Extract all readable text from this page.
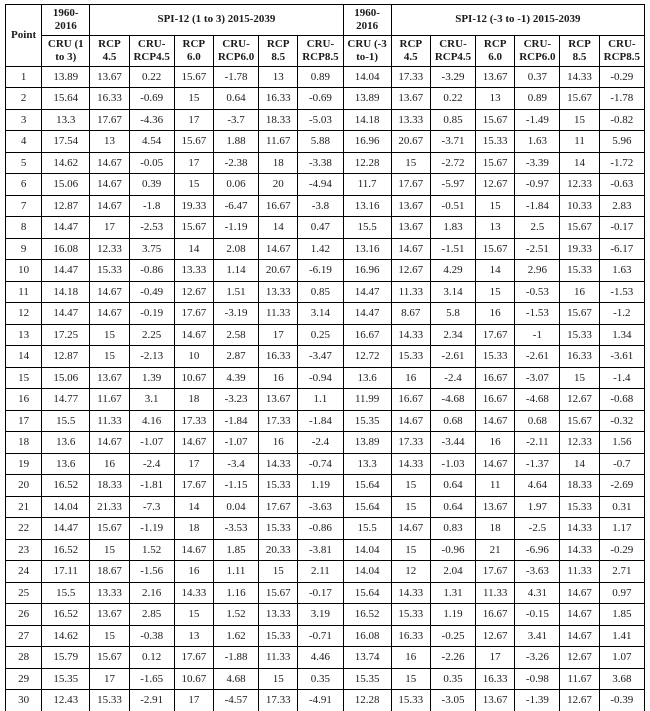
Point	1960-2016	SPI-12 (1 to 3) 2015-2039						1960-2016	SPI-12 (-3 to -1) 2015-2039					
	CRU (1 to 3)	RCP 4.5	CRU-RCP4.5	RCP 6.0	CRU-RCP6.0	RCP 8.5	CRU-RCP8.5	CRU (-3 to-1)	RCP 4.5	CRU-RCP4.5	RCP 6.0	CRU-RCP6.0	RCP 8.5	CRU-RCP8.5
1	13.89	13.67	0.22	15.67	-1.78	13	0.89	14.04	17.33	-3.29	13.67	0.37	14.33	-0.29
2	15.64	16.33	-0.69	15	0.64	16.33	-0.69	13.89	13.67	0.22	13	0.89	15.67	-1.78
3	13.3	17.67	-4.36	17	-3.7	18.33	-5.03	14.18	13.33	0.85	15.67	-1.49	15	-0.82
4	17.54	13	4.54	15.67	1.88	11.67	5.88	16.96	20.67	-3.71	15.33	1.63	11	5.96
5	14.62	14.67	-0.05	17	-2.38	18	-3.38	12.28	15	-2.72	15.67	-3.39	14	-1.72
6	15.06	14.67	0.39	15	0.06	20	-4.94	11.7	17.67	-5.97	12.67	-0.97	12.33	-0.63
7	12.87	14.67	-1.8	19.33	-6.47	16.67	-3.8	13.16	13.67	-0.51	15	-1.84	10.33	2.83
8	14.47	17	-2.53	15.67	-1.19	14	0.47	15.5	13.67	1.83	13	2.5	15.67	-0.17
9	16.08	12.33	3.75	14	2.08	14.67	1.42	13.16	14.67	-1.51	15.67	-2.51	19.33	-6.17
10	14.47	15.33	-0.86	13.33	1.14	20.67	-6.19	16.96	12.67	4.29	14	2.96	15.33	1.63
11	14.18	14.67	-0.49	12.67	1.51	13.33	0.85	14.47	11.33	3.14	15	-0.53	16	-1.53
12	14.47	14.67	-0.19	17.67	-3.19	11.33	3.14	14.47	8.67	5.8	16	-1.53	15.67	-1.2
13	17.25	15	2.25	14.67	2.58	17	0.25	16.67	14.33	2.34	17.67	-1	15.33	1.34
14	12.87	15	-2.13	10	2.87	16.33	-3.47	12.72	15.33	-2.61	15.33	-2.61	16.33	-3.61
15	15.06	13.67	1.39	10.67	4.39	16	-0.94	13.6	16	-2.4	16.67	-3.07	15	-1.4
16	14.77	11.67	3.1	18	-3.23	13.67	1.1	11.99	16.67	-4.68	16.67	-4.68	12.67	-0.68
17	15.5	11.33	4.16	17.33	-1.84	17.33	-1.84	15.35	14.67	0.68	14.67	0.68	15.67	-0.32
18	13.6	14.67	-1.07	14.67	-1.07	16	-2.4	13.89	17.33	-3.44	16	-2.11	12.33	1.56
19	13.6	16	-2.4	17	-3.4	14.33	-0.74	13.3	14.33	-1.03	14.67	-1.37	14	-0.7
20	16.52	18.33	-1.81	17.67	-1.15	15.33	1.19	15.64	15	0.64	11	4.64	18.33	-2.69
21	14.04	21.33	-7.3	14	0.04	17.67	-3.63	15.64	15	0.64	13.67	1.97	15.33	0.31
22	14.47	15.67	-1.19	18	-3.53	15.33	-0.86	15.5	14.67	0.83	18	-2.5	14.33	1.17
23	16.52	15	1.52	14.67	1.85	20.33	-3.81	14.04	15	-0.96	21	-6.96	14.33	-0.29
24	17.11	18.67	-1.56	16	1.11	15	2.11	14.04	12	2.04	17.67	-3.63	11.33	2.71
25	15.5	13.33	2.16	14.33	1.16	15.67	-0.17	15.64	14.33	1.31	11.33	4.31	14.67	0.97
26	16.52	13.67	2.85	15	1.52	13.33	3.19	16.52	15.33	1.19	16.67	-0.15	14.67	1.85
27	14.62	15	-0.38	13	1.62	15.33	-0.71	16.08	16.33	-0.25	12.67	3.41	14.67	1.41
28	15.79	15.67	0.12	17.67	-1.88	11.33	4.46	13.74	16	-2.26	17	-3.26	12.67	1.07
29	15.35	17	-1.65	10.67	4.68	15	0.35	15.35	15	0.35	16.33	-0.98	11.67	3.68
30	12.43	15.33	-2.91	17	-4.57	17.33	-4.91	12.28	15.33	-3.05	13.67	-1.39	12.67	-0.39
